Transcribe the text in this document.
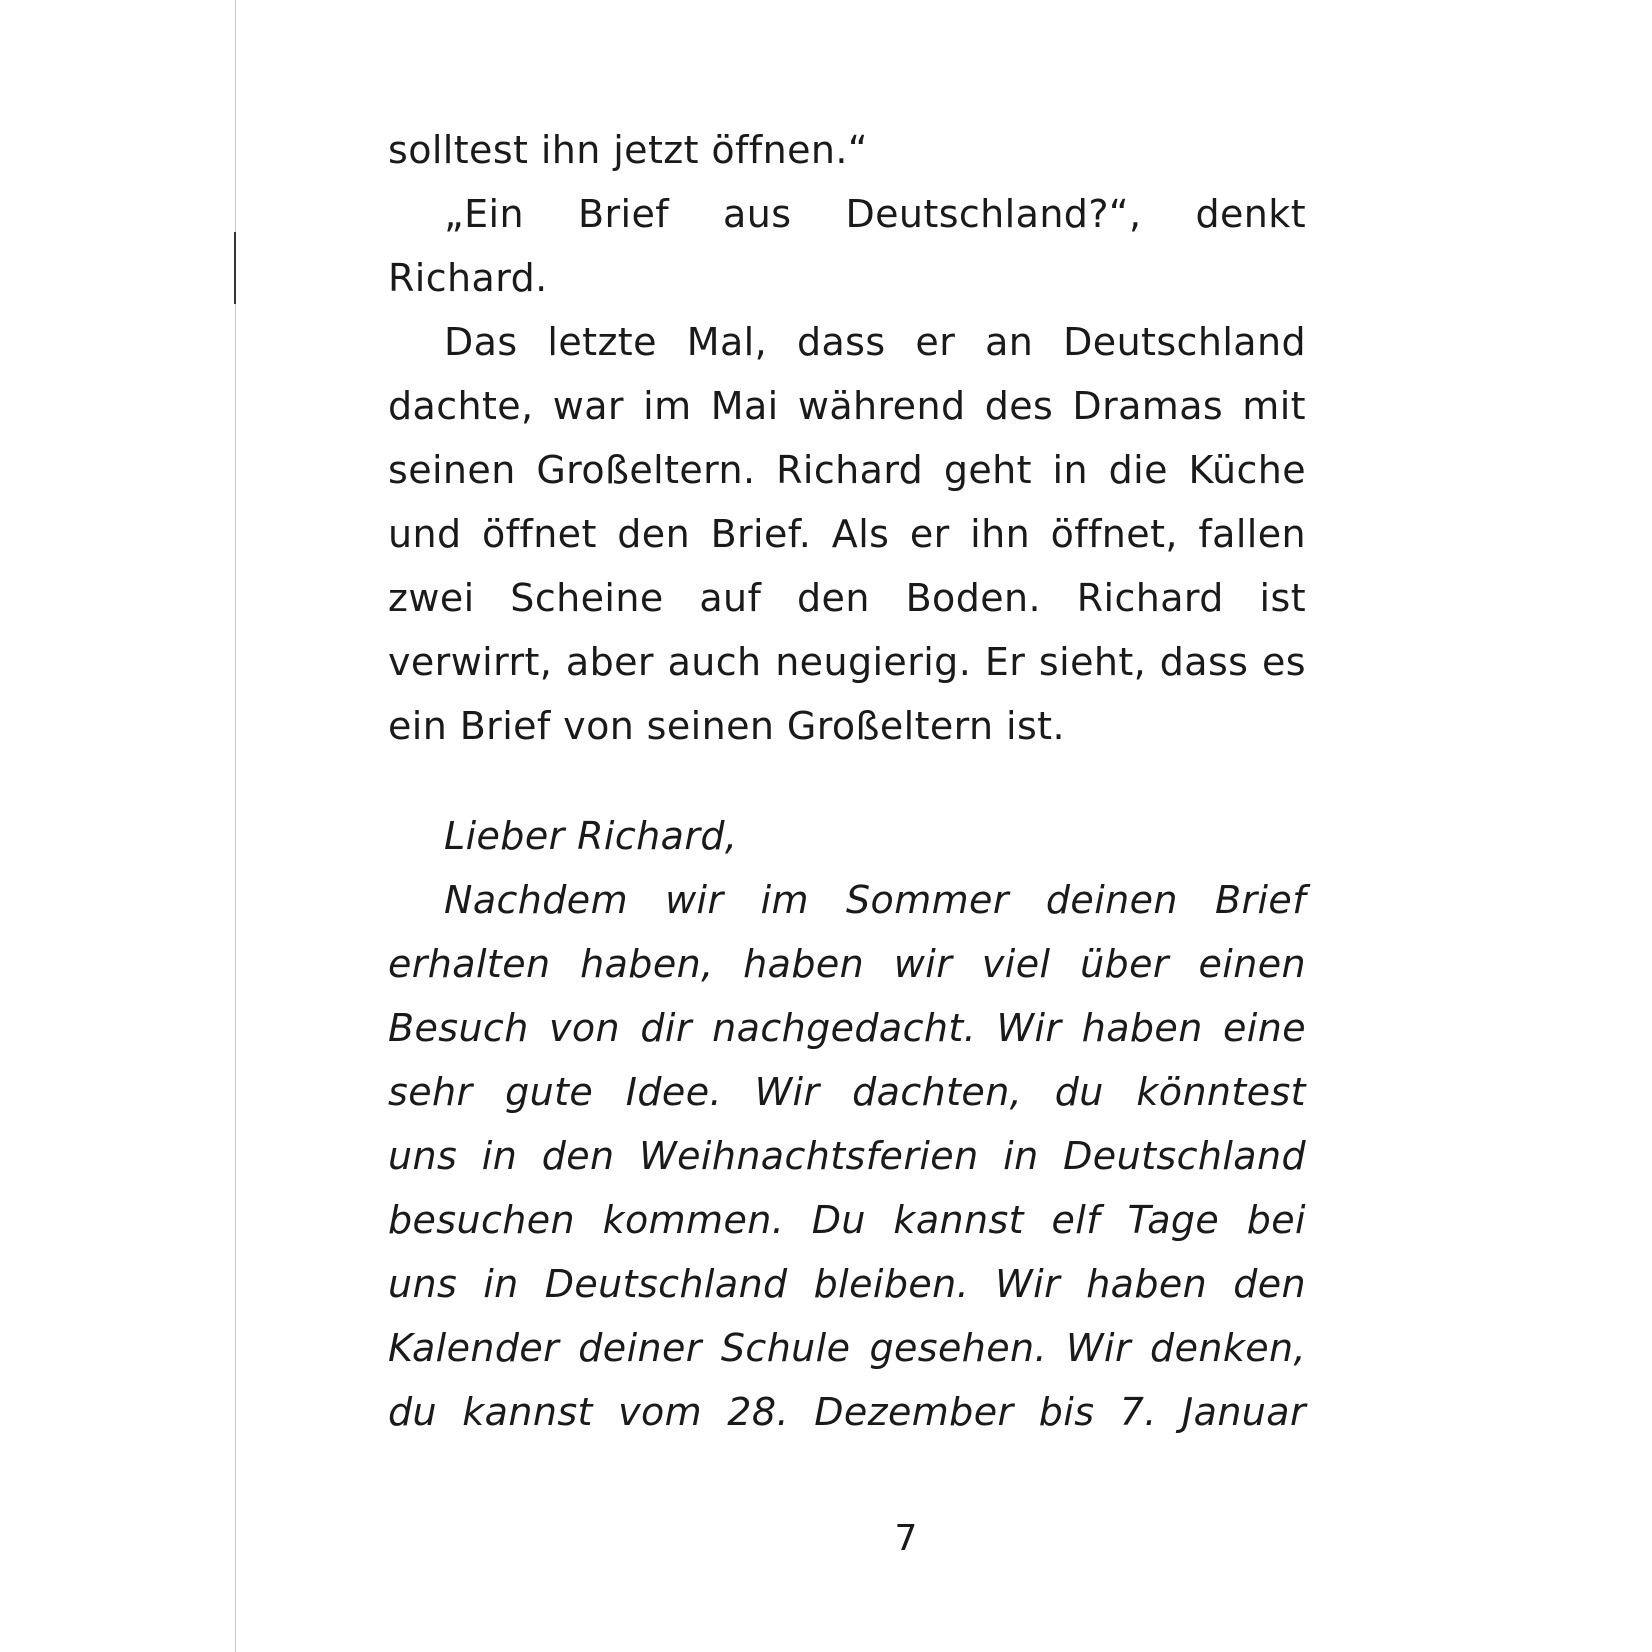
solltest ihn jetzt öffnen.“
„Ein Brief aus Deutschland?“, denkt
Richard.
Das letzte Mal, dass er an Deutschland
dachte, war im Mai während des Dramas mit
seinen Großeltern. Richard geht in die Küche
und öffnet den Brief. Als er ihn öffnet, fallen
zwei Scheine auf den Boden. Richard ist
verwirrt, aber auch neugierig. Er sieht, dass es
ein Brief von seinen Großeltern ist.
Lieber Richard,
Nachdem wir im Sommer deinen Brief
erhalten haben, haben wir viel über einen
Besuch von dir nachgedacht. Wir haben eine
sehr gute Idee. Wir dachten, du könntest
uns in den Weihnachtsferien in Deutschland
besuchen kommen. Du kannst elf Tage bei
uns in Deutschland bleiben. Wir haben den
Kalender deiner Schule gesehen. Wir denken,
du kannst vom 28. Dezember bis 7. Januar
7
